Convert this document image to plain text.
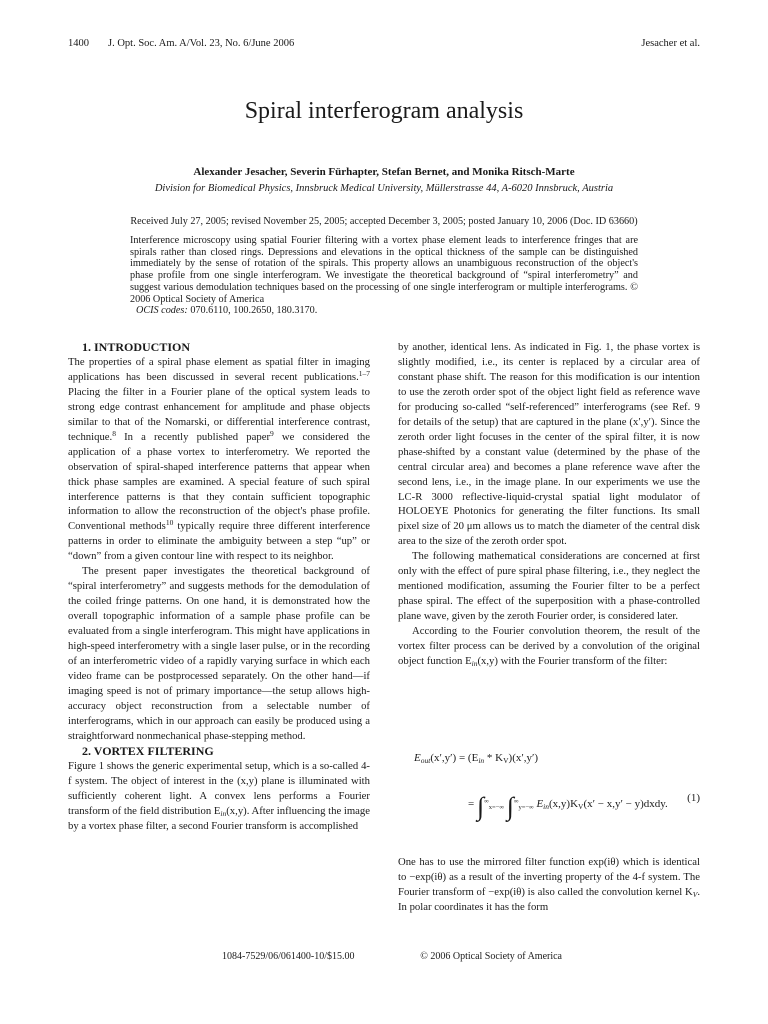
1400	J. Opt. Soc. Am. A/Vol. 23, No. 6/June 2006	Jesacher et al.
Spiral interferogram analysis
Alexander Jesacher, Severin Fürhapter, Stefan Bernet, and Monika Ritsch-Marte
Division for Biomedical Physics, Innsbruck Medical University, Müllerstrasse 44, A-6020 Innsbruck, Austria
Received July 27, 2005; revised November 25, 2005; accepted December 3, 2005; posted January 10, 2006 (Doc. ID 63660)

Interference microscopy using spatial Fourier filtering with a vortex phase element leads to interference fringes that are spirals rather than closed rings. Depressions and elevations in the optical thickness of the sample can be distinguished immediately by the sense of rotation of the spirals. This property allows an unambiguous reconstruction of the object's phase profile from one single interferogram. We investigate the theoretical background of “spiral interferometry” and suggest various demodulation techniques based on the processing of one single interferogram or multiple interferograms. © 2006 Optical Society of America

OCIS codes: 070.6110, 100.2650, 180.3170.

1. INTRODUCTION

The properties of a spiral phase element as spatial filter in imaging applications has been discussed in several recent publications.$^{1-7}$ Placing the filter in a Fourier plane of the optical system leads to strong edge contrast enhancement for amplitude and phase objects similar to that of the Nomarski, or differential interference contrast, technique.$^8$ In a recently published paper$^9$ we considered the application of a phase vortex to interferometry. We reported the observation of spiral-shaped interference patterns that appear when thick phase samples are examined. A special feature of such spiral interference patterns is that they contain sufficient topographic information to allow the reconstruction of the object's phase profile. Conventional methods$^{10}$ typically require three different interference patterns in order to eliminate the ambiguity between a step “up” or “down” from a given contour line with respect to its neighbor.

The present paper investigates the theoretical background of “spiral interferometry” and suggests methods for the demodulation of the coiled fringe patterns. On one hand, it is demonstrated how the overall topographic information of a sample phase profile can be evaluated from a single interferogram. This might have applications in high-speed interferometry with a single laser pulse, or in the recording of an interferometric video of a rapidly varying surface in which each video frame can be postprocessed separately. On the other hand—if imaging speed is not of primary importance—the setup allows high-accuracy object reconstruction from a selectable number of interferograms, which in our approach can easily be produced using a straightforward nonmechanical phase-stepping method.

2. VORTEX FILTERING

Figure 1 shows the generic experimental setup, which is a so-called 4-f system. The object of interest in the (x,y) plane is illuminated with sufficiently coherent light. A convex lens performs a Fourier transform of the field distribution $E_{in}(x,y)$. After influencing the image by a vortex phase filter, a second Fourier transform is accomplished

by another, identical lens. As indicated in Fig. 1, the phase vortex is slightly modified, i.e., its center is replaced by a circular area of constant phase shift. The reason for this modification is our intention to use the zeroth order spot of the object light field as reference wave for producing so-called “self-referenced” interferograms (see Ref. 9 for details of the setup) that are captured in the plane (x′,y′). Since the zeroth order light focuses in the center of the spiral filter, it is now phase-shifted by a constant value (determined by the phase of the central circular area) and becomes a plane reference wave after the second lens, i.e., in the image plane. In our experiments we use the LC-R 3000 reflective-liquid-crystal spatial light modulator of HOLOEYE Photonics for generating the filter functions. Its small pixel size of 20 μm allows us to match the diameter of the central disk area to the size of the zeroth order spot.

The following mathematical considerations are concerned at first only with the effect of pure spiral phase filtering, i.e., they neglect the mentioned modification, assuming the Fourier filter to be a perfect phase spiral. The effect of the superposition with a phase-controlled plane wave, given by the zeroth Fourier order, is considered later.

According to the Fourier convolution theorem, the result of the vortex filter process can be derived by a convolution of the original object function $E_{in}(x,y)$ with the Fourier transform of the filter:

$E_{out}(x',y') = (E_{in} * K_V)(x',y')$
= $\int^\infty_{x=-\infty}$ $\int^\infty_{y=-\infty}$ $E_{in}(x,y)K_V(x' - x,y'$ − y)dxdy. (1)

One has to use the mirrored filter function exp(iθ) which is identical to −exp(iθ) as a result of the inverting property of the 4-f system. The Fourier transform of −exp(iθ) is also called the convolution kernel $K_V$. In polar coordinates it has the form

1084-7529/06/061400-10/$15.00	© 2006 Optical Society of America
